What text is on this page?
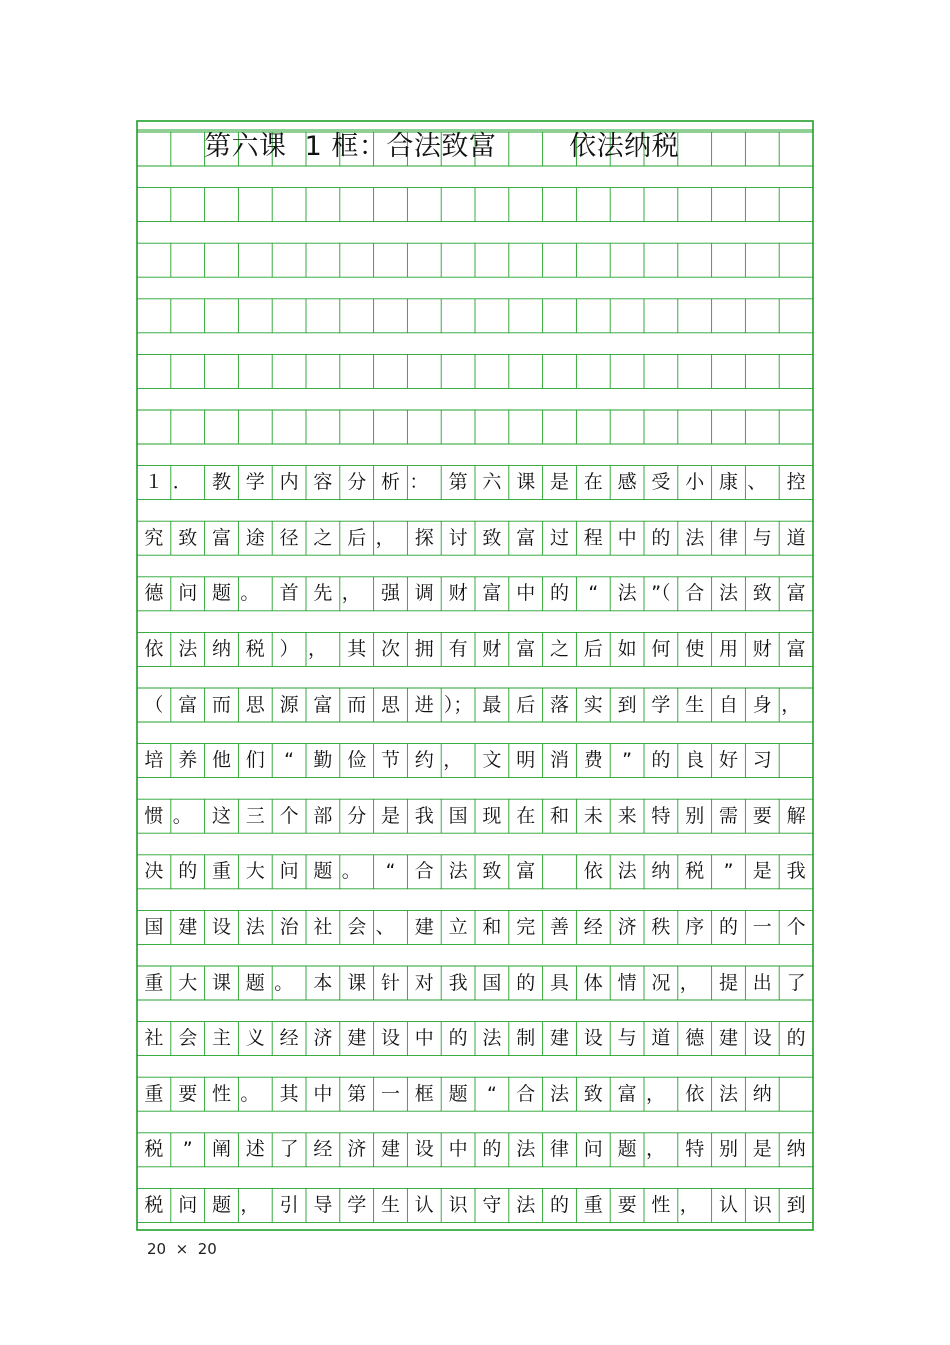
第六课  1 框：合法致富        依法纳税
１ ．	教 学 内 容 分 析 ：	第 六 课 是 在 感 受 小 康 、	控
究 致 富 途 径 之 后 ，	探 讨 致 富 过 程 中 的 法 律 与 道
德 问 题 。	首 先 ，	强 调 财 富 中 的	“	法 ”（ 合 法 致 富
依 法 纳 税 ） ，	其 次 拥 有 财 富 之 后 如 何 使 用 财 富
（ 富 而 思 源 富 而 思 进 ）； 最 后 落 实 到 学 生 自 身 ，
培 养 他 们	“	勤 俭 节 约 ，	文 明 消 费	”	的 良 好 习
惯 。	这 三 个 部 分 是 我 国 现 在 和 未 来 特 别 需 要 解
决 的 重 大 问 题 。	“	合 法 致 富	依 法 纳 税	”	是 我
国 建 设 法 治 社 会 、	建 立 和 完 善 经 济 秩 序 的 一 个
重 大 课 题 。	本 课 针 对 我 国 的 具 体 情 况 ，	提 出 了
社 会 主 义 经 济 建 设 中 的 法 制 建 设 与 道 德 建 设 的
重 要 性 。	其 中 第 一 框 题	“	合 法 致 富 ，	依 法 纳
税	”	阐 述 了 经 济 建 设 中 的 法 律 问 题 ，	特 别 是 纳
税 问 题 ，	引 导 学 生 认 识 守 法 的 重 要 性 ，	认 识 到
20  ×  20
